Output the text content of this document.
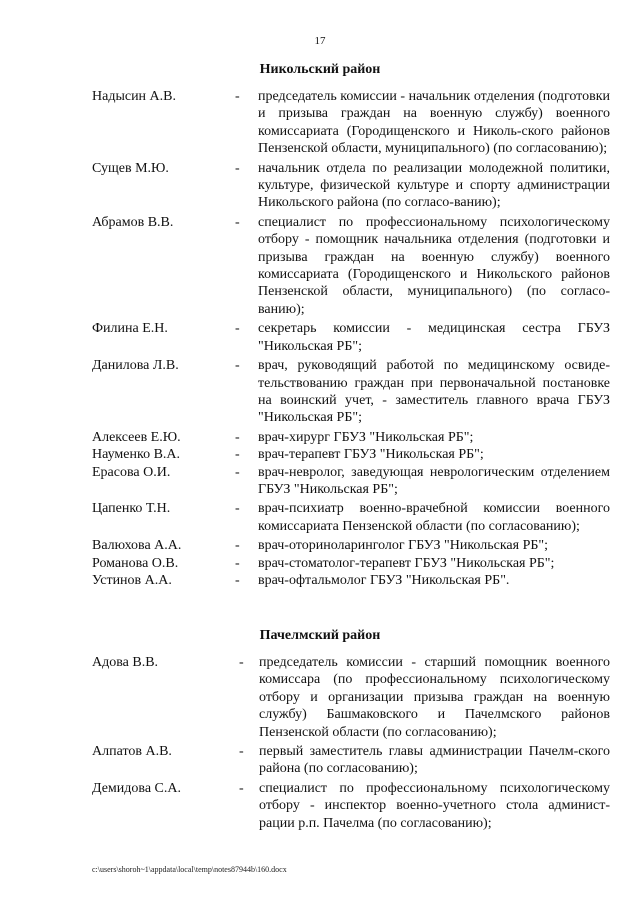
17
Никольский район
Надысин А.В.	-	председатель комиссии - начальник отделения (подготовки и призыва граждан на военную службу) военного комиссариата (Городищенского и Николь-ского районов Пензенской области, муниципального) (по согласованию);
Сущев М.Ю.	-	начальник отдела по реализации молодежной политики, культуре, физической культуре и спорту администрации Никольского района (по согласо-ванию);
Абрамов В.В.	-	специалист по профессиональному психологическому отбору - помощник начальника отделения (подготовки и призыва граждан на военную службу) военного комиссариата (Городищенского и Никольского районов Пензенской области, муниципального) (по согласо-ванию);
Филина Е.Н.	-	секретарь комиссии - медицинская сестра ГБУЗ "Никольская РБ";
Данилова Л.В.	-	врач, руководящий работой по медицинскому освиде-тельствованию граждан при первоначальной постановке на воинский учет, - заместитель главного врача ГБУЗ "Никольская РБ";
Алексеев Е.Ю.	-	врач-хирург ГБУЗ "Никольская РБ";
Науменко В.А.	-	врач-терапевт ГБУЗ "Никольская РБ";
Ерасова О.И.	-	врач-невролог, заведующая неврологическим отделением ГБУЗ "Никольская РБ";
Цапенко Т.Н.	-	врач-психиатр военно-врачебной комиссии военного комиссариата Пензенской области (по согласованию);
Валюхова А.А.	-	врач-оториноларинголог ГБУЗ "Никольская РБ";
Романова О.В.	-	врач-стоматолог-терапевт ГБУЗ "Никольская РБ";
Устинов А.А.	-	врач-офтальмолог ГБУЗ "Никольская РБ".
Пачелмский район
Адова В.В.	-	председатель комиссии - старший помощник военного комиссара (по профессиональному психологическому отбору и организации призыва граждан на военную службу) Башмаковского и Пачелмского районов Пензенской области (по согласованию);
Алпатов А.В.	-	первый заместитель главы администрации Пачелм-ского района (по согласованию);
Демидова С.А.	-	специалист по профессиональному психологическому отбору - инспектор военно-учетного стола админист-рации р.п. Пачелма (по согласованию);
c:\users\shoroh~1\appdata\local\temp\notes87944b\160.docx
